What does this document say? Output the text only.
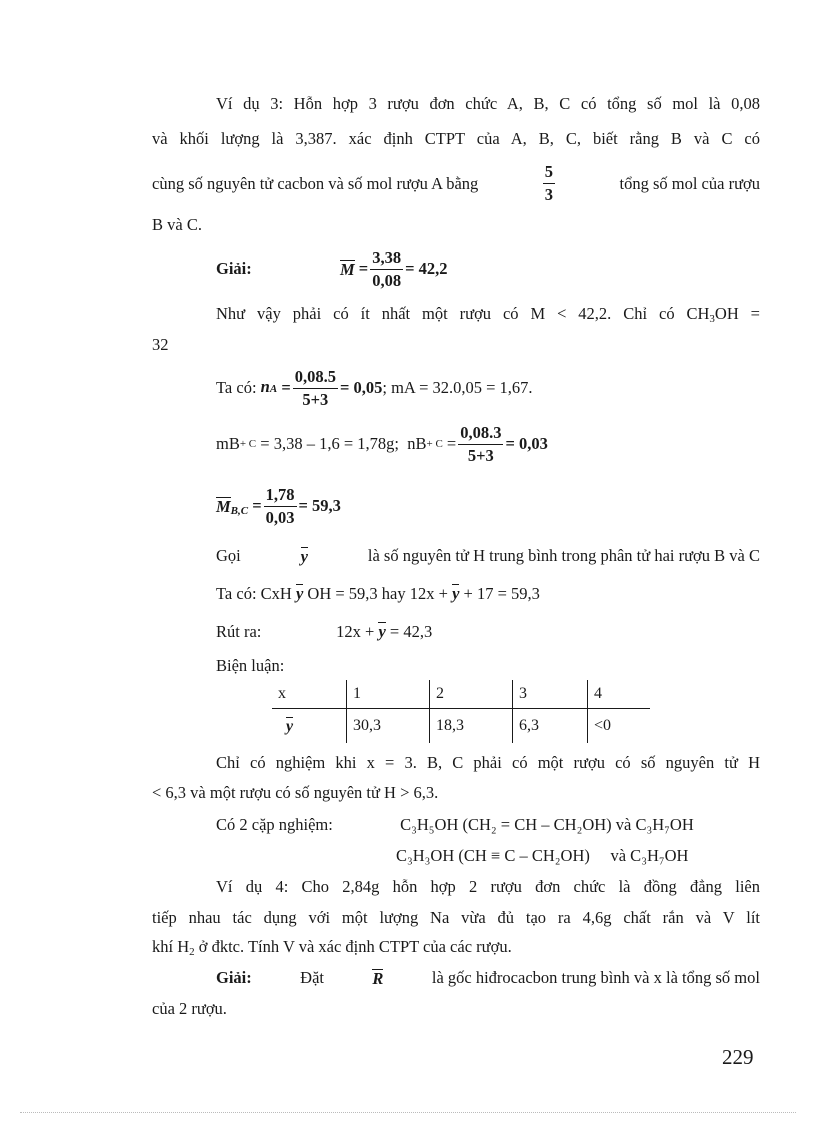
Ví dụ 3: Hỗn hợp 3 rượu đơn chức A, B, C có tổng số mol là 0,08
và khối lượng là 3,387. xác định CTPT của A, B, C, biết rằng B và C có
cùng số nguyên tử cacbon và số mol rượu A bằng	$\frac{5}{3}$	tổng số mol của rượu
B và C.
Giải:	$M = \frac{3,38}{0,08} = 42,2$
Như vậy phải có ít nhất một rượu có M < 42,2. Chỉ có $CH_3OH$ =
32
Ta có:
nA = $\frac{0,08.5}{5+3} = 0,05$ ; mA = 32.0,05 = 1,67.
mB + C
= 3,38 – 1,6 = 1,78g;
nB + C
= $\frac{0,08.3}{5+3} = 0,03$
M $B,C = \frac{1,78}{0,03} = 59,3$
Gọi	y	là số nguyên tử H trung bình trong phân tử hai rượu B và C
Ta có: CxH y OH = 59,3 hay 12x + y + 17 = 59,3
Rút ra:	12x + y = 42,3
Biện luận:
x	1	2	3	4
y	30,3	18,3	6,3	<0
Chỉ có nghiệm khi x = 3. B, C phải có một rượu có số nguyên tử H
< 6,3 và một rượu có số nguyên tử H > 6,3.
Có 2 cặp nghiệm:	C₃H₅OH (CH₂ = CH – CH₂OH) và C₃H₇OH
C₃H₃OH (CH ≡ C – CH₂OH)     và C₃H₇OH
Ví dụ 4: Cho 2,84g hỗn hợp 2 rượu đơn chức là đồng đẳng liên
tiếp nhau tác dụng với một lượng Na vừa đủ tạo ra 4,6g chất rắn và V lít
khí $H_2$ ở đktc. Tính V và xác định CTPT của các rượu.
Giải:	Đặt	R	là gốc hiđrocacbon trung bình và x là tổng số mol
của 2 rượu.
229
